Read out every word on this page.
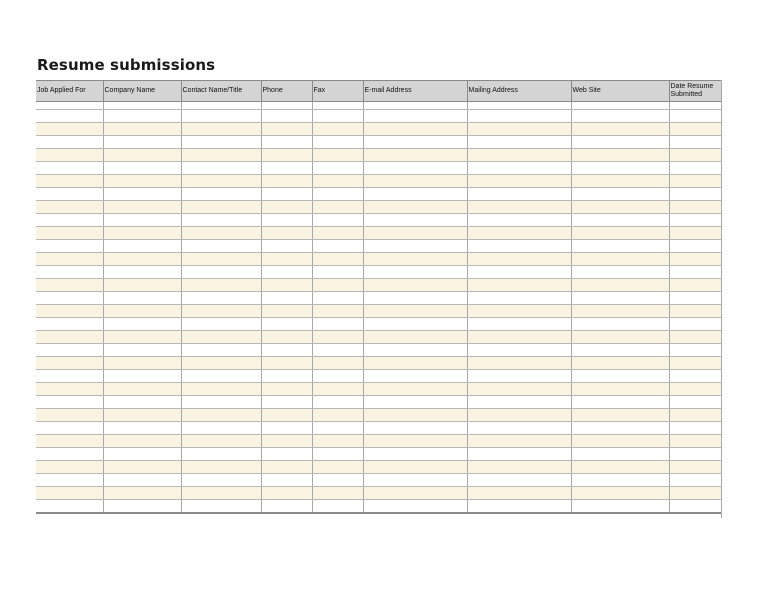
Resume submissions
Job Applied For	Company Name	Contact Name/Title	Phone	Fax	E-mail Address	Mailing Address	Web Site	Date Resume Submitted
